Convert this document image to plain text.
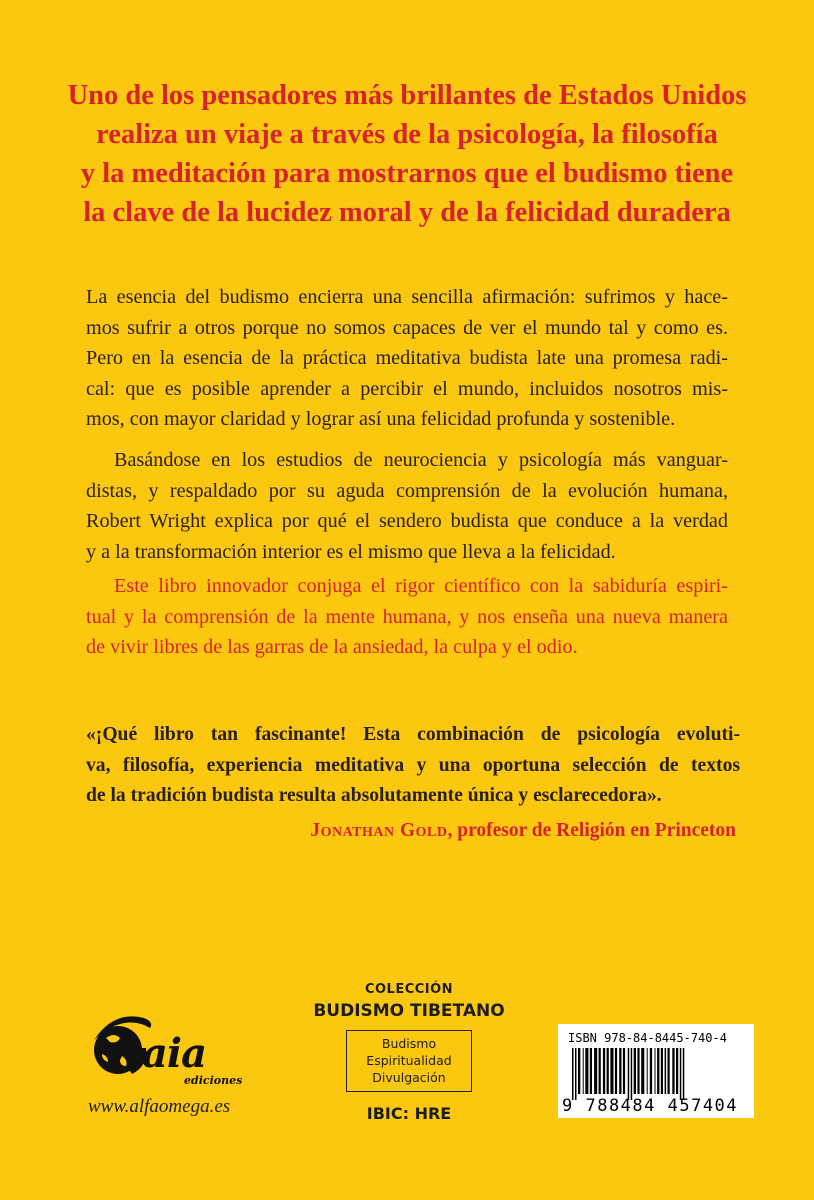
Uno de los pensadores más brillantes de Estados Unidos
realiza un viaje a través de la psicología, la filosofía
y la meditación para mostrarnos que el budismo tiene
la clave de la lucidez moral y de la felicidad duradera
La esencia del budismo encierra una sencilla afirmación: sufrimos y hace-
mos sufrir a otros porque no somos capaces de ver el mundo tal y como es.
Pero en la esencia de la práctica meditativa budista late una promesa radi-
cal: que es posible aprender a percibir el mundo, incluidos nosotros mis-
mos, con mayor claridad y lograr así una felicidad profunda y sostenible.
Basándose en los estudios de neurociencia y psicología más vanguar-
distas, y respaldado por su aguda comprensión de la evolución humana,
Robert Wright explica por qué el sendero budista que conduce a la verdad
y a la transformación interior es el mismo que lleva a la felicidad.
Este libro innovador conjuga el rigor científico con la sabiduría espiri-
tual y la comprensión de la mente humana, y nos enseña una nueva manera
de vivir libres de las garras de la ansiedad, la culpa y el odio.
«¡Qué libro tan fascinante! Esta combinación de psicología evoluti-
va, filosofía, experiencia meditativa y una oportuna selección de textos
de la tradición budista resulta absolutamente única y esclarecedora».
Jonathan Gold, profesor de Religión en Princeton
aia
ediciones
www.alfaomega.es
COLECCIÓN
BUDISMO TIBETANO
Budismo
Espiritualidad
Divulgación
IBIC: HRE
ISBN 978-84-8445-740-4
9 788484 457404
